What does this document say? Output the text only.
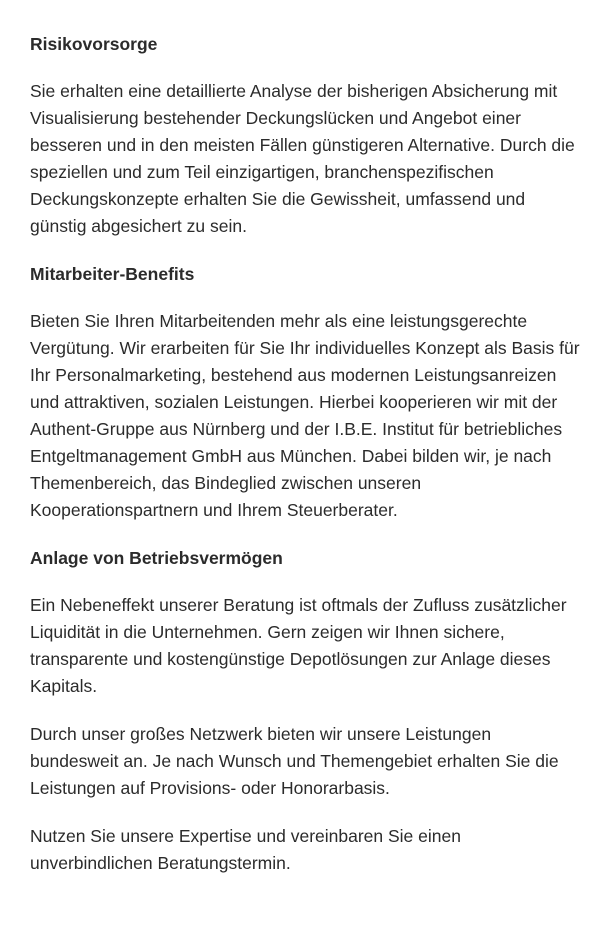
Risikovorsorge

Sie erhalten eine detaillierte Analyse der bisherigen Absicherung mit Visualisierung bestehender Deckungslücken und Angebot einer besseren und in den meisten Fällen günstigeren Alternative. Durch die speziellen und zum Teil einzigartigen, branchenspezifischen Deckungskonzepte erhalten Sie die Gewissheit, umfassend und günstig abgesichert zu sein.

Mitarbeiter-Benefits

Bieten Sie Ihren Mitarbeitenden mehr als eine leistungsgerechte Vergütung. Wir erarbeiten für Sie Ihr individuelles Konzept als Basis für Ihr Personalmarketing, bestehend aus modernen Leistungsanreizen und attraktiven, sozialen Leistungen. Hierbei kooperieren wir mit der Authent-Gruppe aus Nürnberg und der I.B.E. Institut für betriebliches Entgeltmanagement GmbH aus München. Dabei bilden wir, je nach Themenbereich, das Bindeglied zwischen unseren Kooperationspartnern und Ihrem Steuerberater.

Anlage von Betriebsvermögen

Ein Nebeneffekt unserer Beratung ist oftmals der Zufluss zusätzlicher Liquidität in die Unternehmen. Gern zeigen wir Ihnen sichere, transparente und kostengünstige Depotlösungen zur Anlage dieses Kapitals.

Durch unser großes Netzwerk bieten wir unsere Leistungen bundesweit an. Je nach Wunsch und Themengebiet erhalten Sie die Leistungen auf Provisions- oder Honorarbasis.

Nutzen Sie unsere Expertise und vereinbaren Sie einen unverbindlichen Beratungstermin.
